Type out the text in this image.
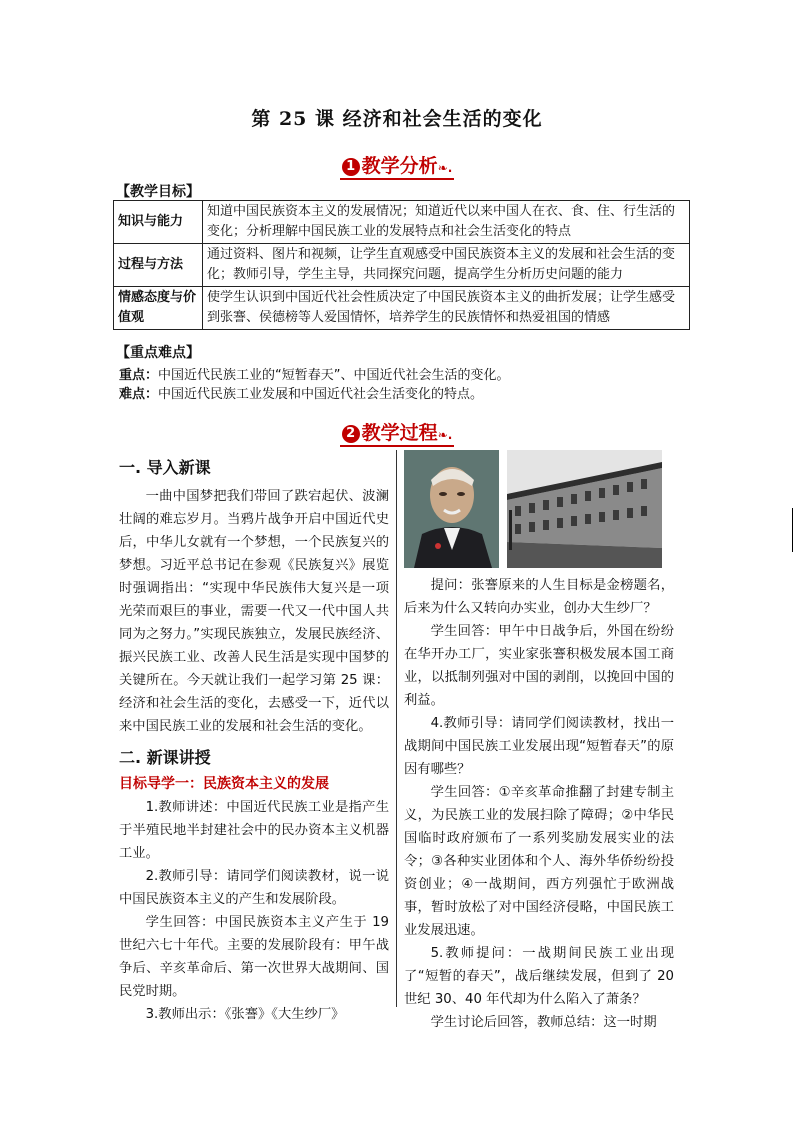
第 25 课 经济和社会生活的变化
1 教学分析❧.
【教学目标】
知识与能力	知道中国民族资本主义的发展情况；知道近代以来中国人在衣、食、住、行生活的变化；分析理解中国民族工业的发展特点和社会生活变化的特点
过程与方法	通过资料、图片和视频，让学生直观感受中国民族资本主义的发展和社会生活的变化；教师引导，学生主导，共同探究问题，提高学生分析历史问题的能力
情感态度与价值观	使学生认识到中国近代社会性质决定了中国民族资本主义的曲折发展；让学生感受到张謇、侯德榜等人爱国情怀，培养学生的民族情怀和热爱祖国的情感
【重点难点】
重点：中国近代民族工业的“短暂春天”、中国近代社会生活的变化。
难点：中国近代民族工业发展和中国近代社会生活变化的特点。
2 教学过程❧.
一. 导入新课

一曲中国梦把我们带回了跌宕起伏、波澜壮阔的难忘岁月。当鸦片战争开启中国近代史后，中华儿女就有一个梦想，一个民族复兴的梦想。习近平总书记在参观《民族复兴》展览时强调指出：“实现中华民族伟大复兴是一项光荣而艰巨的事业，需要一代又一代中国人共同为之努力。”实现民族独立，发展民族经济、振兴民族工业、改善人民生活是实现中国梦的关键所在。今天就让我们一起学习第 25 课：经济和社会生活的变化，去感受一下，近代以来中国民族工业的发展和社会生活的变化。

二. 新课讲授
目标导学一：民族资本主义的发展

1.教师讲述：中国近代民族工业是指产生于半殖民地半封建社会中的民办资本主义机器工业。

2.教师引导：请同学们阅读教材，说一说中国民族资本主义的产生和发展阶段。

学生回答：中国民族资本主义产生于 19 世纪六七十年代。主要的发展阶段有：甲午战争后、辛亥革命后、第一次世界大战期间、国民党时期。

3.教师出示：《张謇》《大生纱厂》

提问：张謇原来的人生目标是金榜题名，后来为什么又转向办实业，创办大生纱厂？

学生回答：甲午中日战争后，外国在纷纷在华开办工厂，实业家张謇积极发展本国工商业，以抵制列强对中国的剥削，以挽回中国的利益。

4.教师引导：请同学们阅读教材，找出一战期间中国民族工业发展出现“短暂春天”的原因有哪些？

学生回答：①辛亥革命推翻了封建专制主义，为民族工业的发展扫除了障碍；②中华民国临时政府颁布了一系列奖励发展实业的法令；③各种实业团体和个人、海外华侨纷纷投资创业；④一战期间，西方列强忙于欧洲战事，暂时放松了对中国经济侵略，中国民族工业发展迅速。

5.教师提问：一战期间民族工业出现了“短暂的春天”，战后继续发展，但到了 20 世纪 30、40 年代却为什么陷入了萧条？

学生讨论后回答，教师总结：这一时期
